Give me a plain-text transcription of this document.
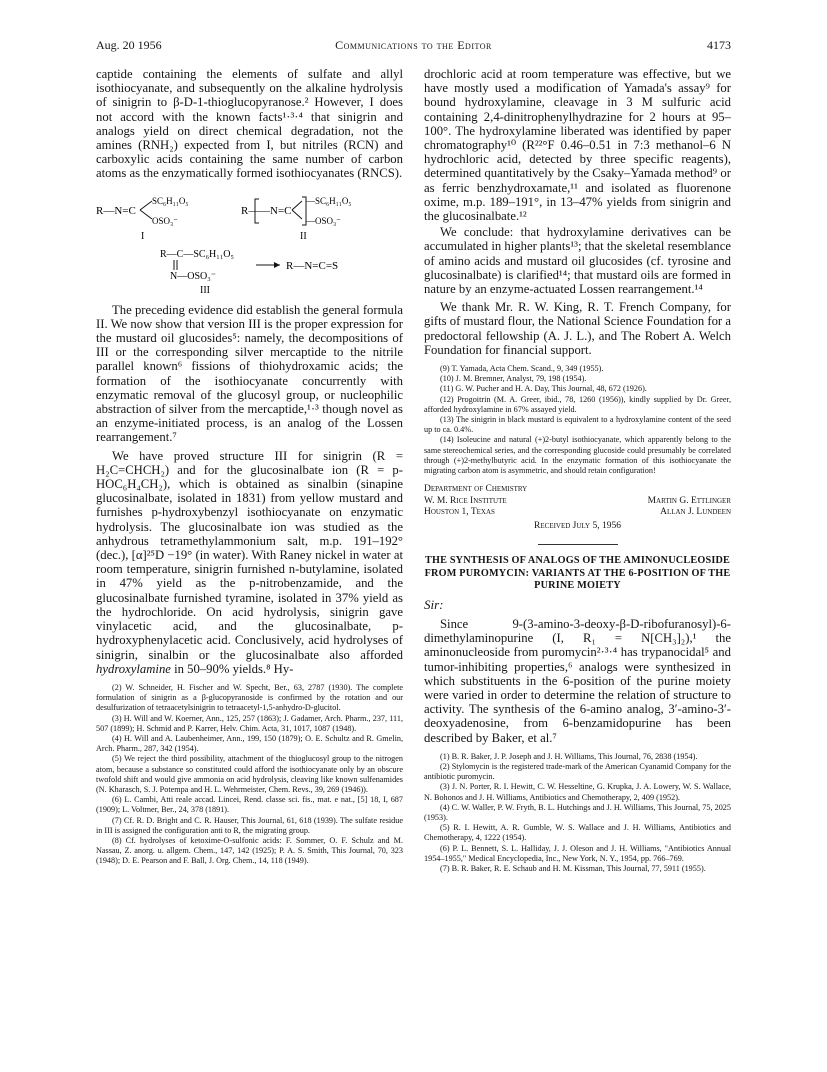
Aug. 20 1956	Communications to the Editor	4173

captide containing the elements of sulfate and allyl isothiocyanate, and subsequently on the alkaline hydrolysis of sinigrin to β-D-1-thioglucopyranose.² However, I does not accord with the known facts¹·³·⁴ that sinigrin and analogs yield on direct chemical degradation, not the amines (RNH₂) expected from I, but nitriles (RCN) and carboxylic acids containing the same number of carbon atoms as the enzymatically formed isothiocyanates (RNCS).

R—N=C
SC₆H₁₁O₅
OSO₃⁻
I
R— —N=C
—SC₆H₁₁O₅
—OSO₃⁻
II
R—C—SC₆H₁₁O₅
N—OSO₃⁻
III
R—N=C=S

The preceding evidence did establish the general formula II. We now show that version III is the proper expression for the mustard oil glucosides⁵: namely, the decompositions of III or the corresponding silver mercaptide to the nitrile parallel known⁶ fissions of thiohydroxamic acids; the formation of the isothiocyanate concurrently with enzymatic removal of the glucosyl group, or nucleophilic abstraction of silver from the mercaptide,¹·³ though novel as an enzyme-initiated process, is an analog of the Lossen rearrangement.⁷

We have proved structure III for sinigrin (R = H₂C=CHCH₂) and for the glucosinalbate ion (R = p-HOC₆H₄CH₂), which is obtained as sinalbin (sinapine glucosinalbate, isolated in 1831) from yellow mustard and furnishes p-hydroxybenzyl isothiocyanate on enzymatic hydrolysis. The glucosinalbate ion was studied as the anhydrous tetramethylammonium salt, m.p. 191–192° (dec.), [α]²⁵D −19° (in water). With Raney nickel in water at room temperature, sinigrin furnished n-butylamine, isolated in 47% yield as the p-nitrobenzamide, and the glucosinalbate furnished tyramine, isolated in 37% yield as the hydrochloride. On acid hydrolysis, sinigrin gave vinylacetic acid, and the glucosinalbate, p-hydroxyphenylacetic acid. Conclusively, acid hydrolyses of sinigrin, sinalbin or the glucosinalbate also afforded hydroxylamine in 50–90% yields.⁸ Hy-

(2) W. Schneider, H. Fischer and W. Specht, Ber., 63, 2787 (1930). The complete formulation of sinigrin as a β-glucopyranoside is confirmed by the rotation and our desulfurization of tetraacetylsinigrin to tetraacetyl-1,5-anhydro-D-glucitol.

(3) H. Will and W. Koerner, Ann., 125, 257 (1863); J. Gadamer, Arch. Pharm., 237, 111, 507 (1899); H. Schmid and P. Karrer, Helv. Chim. Acta, 31, 1017, 1087 (1948).

(4) H. Will and A. Laubenheimer, Ann., 199, 150 (1879); O. E. Schultz and R. Gmelin, Arch. Pharm., 287, 342 (1954).

(5) We reject the third possibility, attachment of the thioglucosyl group to the nitrogen atom, because a substance so constituted could afford the isothiocyanate only by an obscure twofold shift and would give ammonia on acid hydrolysis, cleaving like known sulfenamides (N. Kharasch, S. J. Potempa and H. L. Wehrmeister, Chem. Revs., 39, 269 (1946)).

(6) L. Cambi, Atti reale accad. Lincei, Rend. classe sci. fis., mat. e nat., [5] 18, I, 687 (1909); L. Voltmer, Ber., 24, 378 (1891).

(7) Cf. R. D. Bright and C. R. Hauser, This Journal, 61, 618 (1939). The sulfate residue in III is assigned the configuration anti to R, the migrating group.

(8) Cf. hydrolyses of ketoxime-O-sulfonic acids: F. Sommer, O. F. Schulz and M. Nassau, Z. anorg. u. allgem. Chem., 147, 142 (1925); P. A. S. Smith, This Journal, 70, 323 (1948); D. E. Pearson and F. Ball, J. Org. Chem., 14, 118 (1949).

drochloric acid at room temperature was effective, but we have mostly used a modification of Yamada's assay⁹ for bound hydroxylamine, cleavage in 3 M sulfuric acid containing 2,4-dinitrophenylhydrazine for 2 hours at 95–100°. The hydroxylamine liberated was identified by paper chromatography¹⁰ (R²²°F 0.46–0.51 in 7:3 methanol–6 N hydrochloric acid, detected by three specific reagents), determined quantitatively by the Csaky–Yamada method⁹ or as ferric benzhydroxamate,¹¹ and isolated as fluorenone oxime, m.p. 189–191°, in 13–47% yields from sinigrin and the glucosinalbate.¹²

We conclude: that hydroxylamine derivatives can be accumulated in higher plants¹³; that the skeletal resemblance of amino acids and mustard oil glucosides (cf. tyrosine and glucosinalbate) is clarified¹⁴; that mustard oils are formed in nature by an enzyme-actuated Lossen rearrangement.¹⁴

We thank Mr. R. W. King, R. T. French Company, for gifts of mustard flour, the National Science Foundation for a predoctoral fellowship (A. J. L.), and The Robert A. Welch Foundation for financial support.

(9) T. Yamada, Acta Chem. Scand., 9, 349 (1955).

(10) J. M. Bremner, Analyst, 79, 198 (1954).

(11) G. W. Pucher and H. A. Day, This Journal, 48, 672 (1926).

(12) Progoitrin (M. A. Greer, ibid., 78, 1260 (1956)), kindly supplied by Dr. Greer, afforded hydroxylamine in 67% assayed yield.

(13) The sinigrin in black mustard is equivalent to a hydroxylamine content of the seed up to ca. 0.4%.

(14) Isoleucine and natural (+)2-butyl isothiocyanate, which apparently belong to the same stereochemical series, and the corresponding glucoside could presumably be correlated through (+)2-methylbutyric acid. In the enzymatic formation of this isothiocyanate the migrating carbon atom is asymmetric, and should retain configuration!

Department of Chemistry
W. M. Rice Institute	Martin G. Ettlinger
Houston 1, Texas	Allan J. Lundeen
Received July 5, 1956
THE SYNTHESIS OF ANALOGS OF THE AMINONUCLEOSIDE FROM PUROMYCIN: VARIANTS AT THE 6-POSITION OF THE PURINE MOIETY
Sir:

Since 9-(3-amino-3-deoxy-β-D-ribofuranosyl)-6-dimethylaminopurine (I, R₁ = N[CH₃]₂),¹ the aminonucleoside from puromycin²·³·⁴ has trypanocidal⁵ and tumor-inhibiting properties,⁶ analogs were synthesized in which substituents in the 6-position of the purine moiety were varied in order to determine the relation of structure to activity. The synthesis of the 6-amino analog, 3′-amino-3′-deoxyadenosine, from 6-benzamidopurine has been described by Baker, et al.⁷

(1) B. R. Baker, J. P. Joseph and J. H. Williams, This Journal, 76, 2838 (1954).

(2) Stylomycin is the registered trade-mark of the American Cyanamid Company for the antibiotic puromycin.

(3) J. N. Porter, R. I. Hewitt, C. W. Hesseltine, G. Krupka, J. A. Lowery, W. S. Wallace, N. Bohonos and J. H. Williams, Antibiotics and Chemotherapy, 2, 409 (1952).

(4) C. W. Waller, P. W. Fryth, B. L. Hutchings and J. H. Williams, This Journal, 75, 2025 (1953).

(5) R. I. Hewitt, A. R. Gumble, W. S. Wallace and J. H. Williams, Antibiotics and Chemotherapy, 4, 1222 (1954).

(6) P. L. Bennett, S. L. Halliday, J. J. Oleson and J. H. Williams, "Antibiotics Annual 1954–1955," Medical Encyclopedia, Inc., New York, N. Y., 1954, pp. 766–769.

(7) B. R. Baker, R. E. Schaub and H. M. Kissman, This Journal, 77, 5911 (1955).
